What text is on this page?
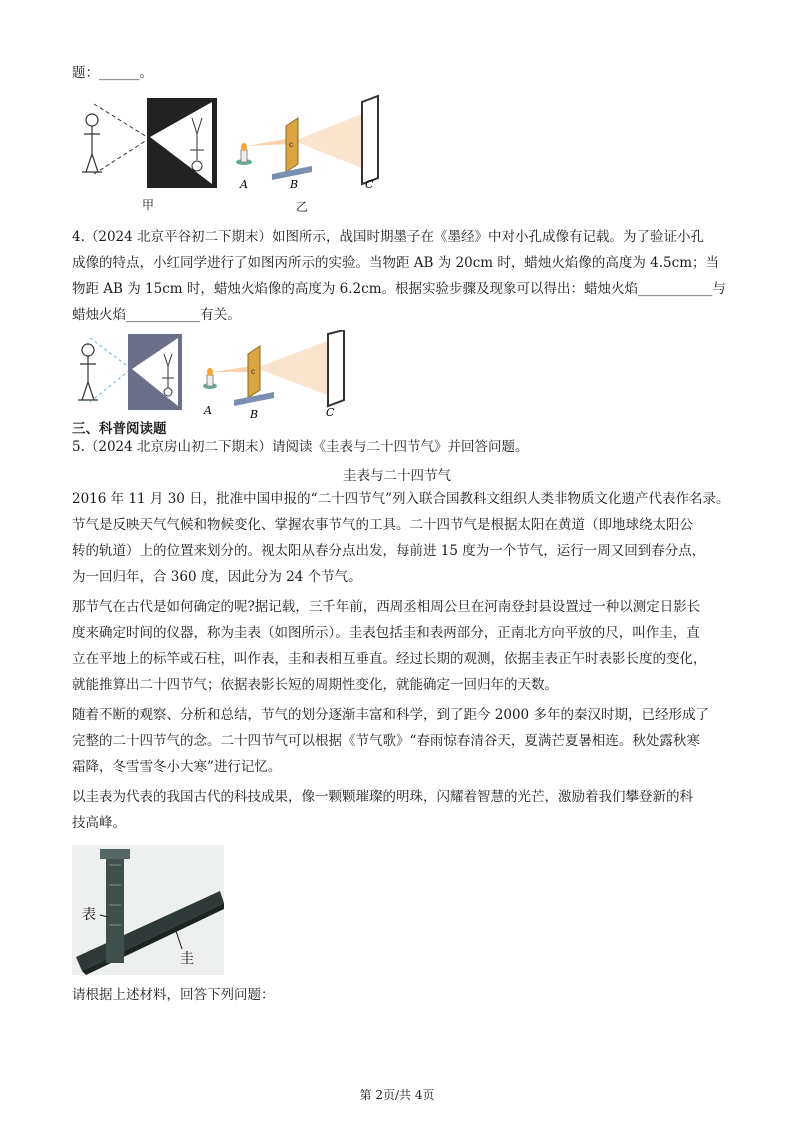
题：______。
c
A	B	C
甲	乙
4.（2024 北京平谷初二下期末）如图所示，战国时期墨子在《墨经》中对小孔成像有记载。为了验证小孔
成像的特点，小红同学进行了如图丙所示的实验。当物距 AB 为 20cm 时，蜡烛火焰像的高度为 4.5cm；当
物距 AB 为 15cm 时，蜡烛火焰像的高度为 6.2cm。根据实验步骤及现象可以得出：蜡烛火焰___________与
蜡烛火焰___________有关。
c
A	B	C
三、科普阅读题
5.（2024 北京房山初二下期末）请阅读《圭表与二十四节气》并回答问题。
圭表与二十四节气
2016 年 11 月 30 日，批准中国申报的“二十四节气”列入联合国教科文组织人类非物质文化遗产代表作名录。
节气是反映天气气候和物候变化、掌握农事节气的工具。二十四节气是根据太阳在黄道（即地球绕太阳公
转的轨道）上的位置来划分的。视太阳从春分点出发，每前进 15 度为一个节气，运行一周又回到春分点，
为一回归年，合 360 度，因此分为 24 个节气。
那节气在古代是如何确定的呢?据记载，三千年前，西周丞相周公旦在河南登封县设置过一种以测定日影长
度来确定时间的仪器，称为圭表（如图所示）。圭表包括圭和表两部分，正南北方向平放的尺，叫作圭，直
立在平地上的标竿或石柱，叫作表，圭和表相互垂直。经过长期的观测，依据圭表正午时表影长度的变化，
就能推算出二十四节气；依据表影长短的周期性变化，就能确定一回归年的天数。
随着不断的观察、分析和总结，节气的划分逐渐丰富和科学，到了距今 2000 多年的秦汉时期，已经形成了
完整的二十四节气的念。二十四节气可以根据《节气歌》“春雨惊春清谷天，夏满芒夏暑相连。秋处露秋寒
霜降，冬雪雪冬小大寒”进行记忆。
以圭表为代表的我国古代的科技成果，像一颗颗璀璨的明珠，闪耀着智慧的光芒，激励着我们攀登新的科
技高峰。
表
圭
请根据上述材料，回答下列问题：
第 2页/共 4页
